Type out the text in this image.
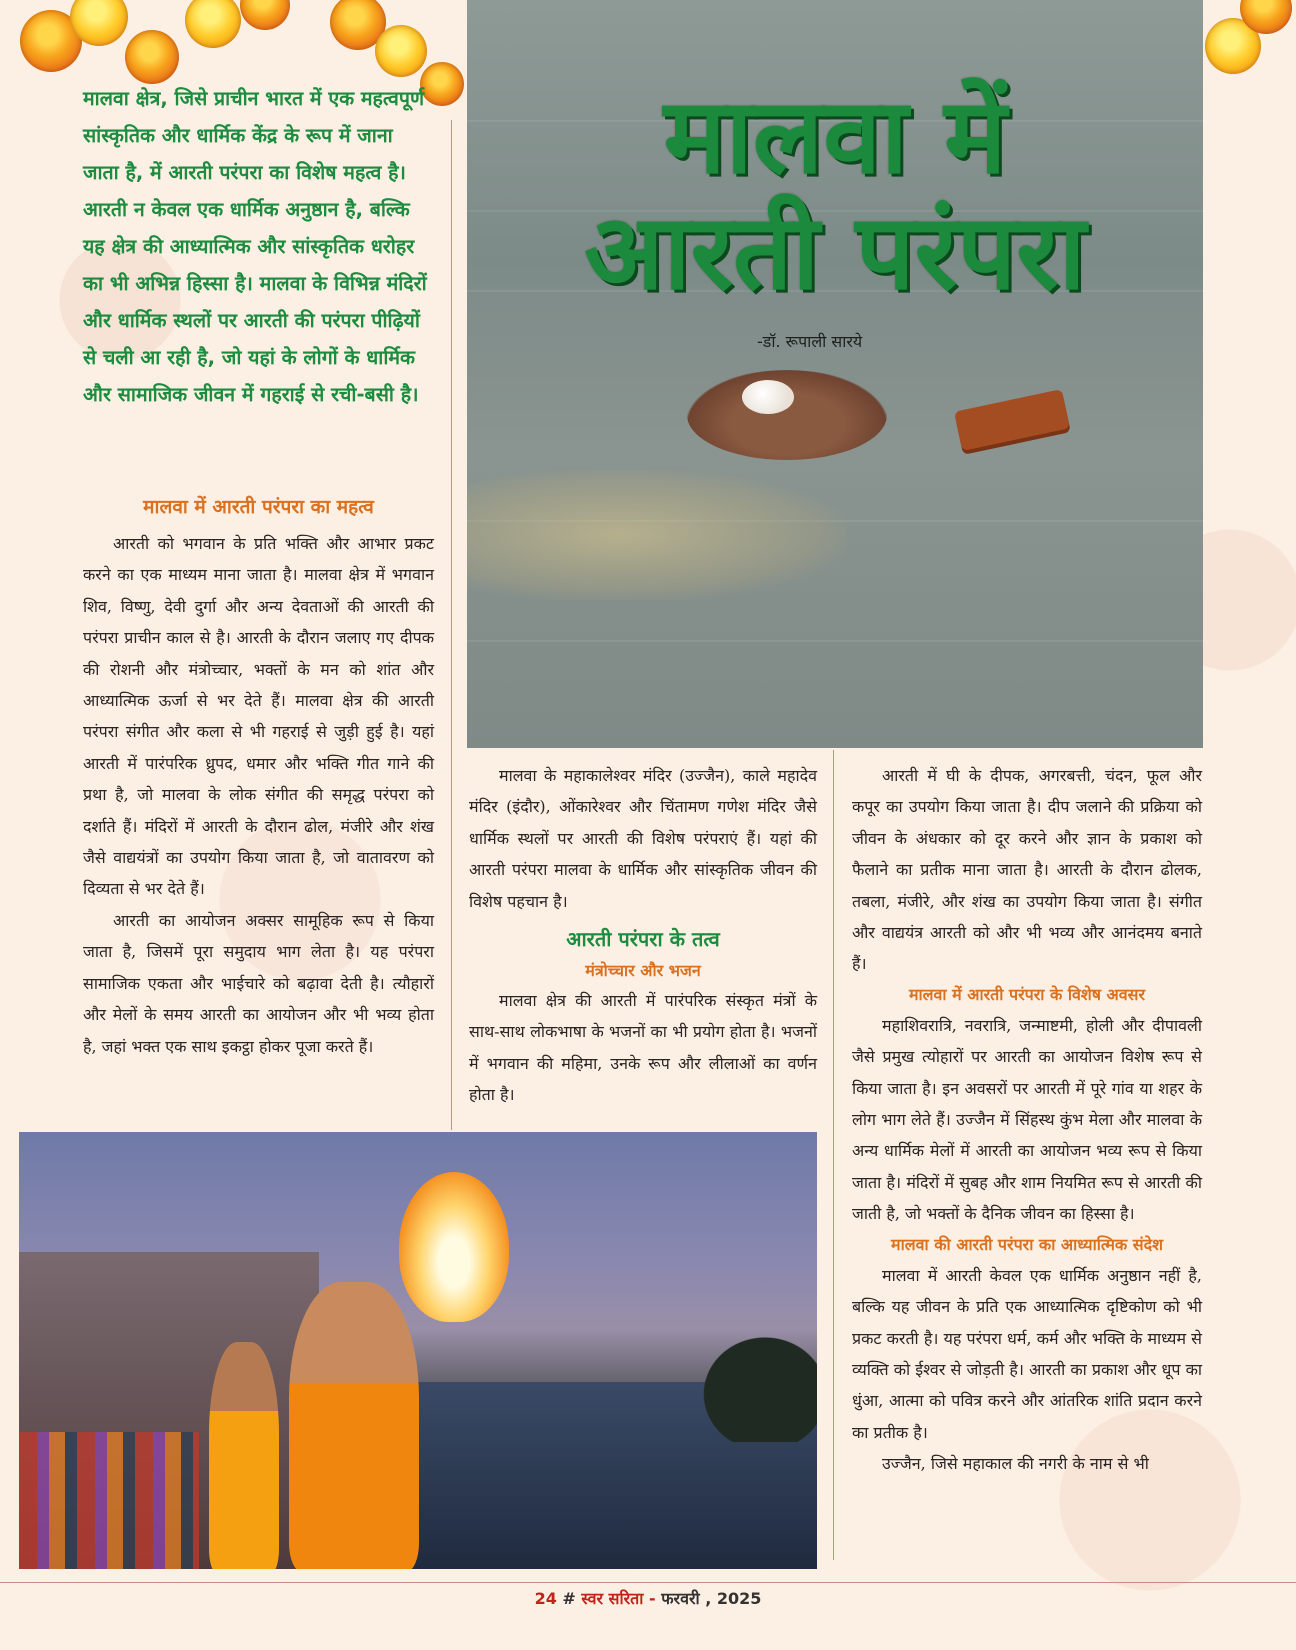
मालवा में
आरती परंपरा
-डॉ. रूपाली सारये
मालवा क्षेत्र, जिसे प्राचीन भारत में एक महत्वपूर्ण सांस्कृतिक और धार्मिक केंद्र के रूप में जाना जाता है, में आरती परंपरा का विशेष महत्व है। आरती न केवल एक धार्मिक अनुष्ठान है, बल्कि यह क्षेत्र की आध्यात्मिक और सांस्कृतिक धरोहर का भी अभिन्न हिस्सा है। मालवा के विभिन्न मंदिरों और धार्मिक स्थलों पर आरती की परंपरा पीढ़ियों से चली आ रही है, जो यहां के लोगों के धार्मिक और सामाजिक जीवन में गहराई से रची-बसी है।
मालवा में आरती परंपरा का महत्व

आरती को भगवान के प्रति भक्ति और आभार प्रकट करने का एक माध्यम माना जाता है। मालवा क्षेत्र में भगवान शिव, विष्णु, देवी दुर्गा और अन्य देवताओं की आरती की परंपरा प्राचीन काल से है। आरती के दौरान जलाए गए दीपक की रोशनी और मंत्रोच्चार, भक्तों के मन को शांत और आध्यात्मिक ऊर्जा से भर देते हैं। मालवा क्षेत्र की आरती परंपरा संगीत और कला से भी गहराई से जुड़ी हुई है। यहां आरती में पारंपरिक ध्रुपद, धमार और भक्ति गीत गाने की प्रथा है, जो मालवा के लोक संगीत की समृद्ध परंपरा को दर्शाते हैं। मंदिरों में आरती के दौरान ढोल, मंजीरे और शंख जैसे वाद्ययंत्रों का उपयोग किया जाता है, जो वातावरण को दिव्यता से भर देते हैं।

आरती का आयोजन अक्सर सामूहिक रूप से किया जाता है, जिसमें पूरा समुदाय भाग लेता है। यह परंपरा सामाजिक एकता और भाईचारे को बढ़ावा देती है। त्यौहारों और मेलों के समय आरती का आयोजन और भी भव्य होता है, जहां भक्त एक साथ इकट्ठा होकर पूजा करते हैं।

मालवा के महाकालेश्वर मंदिर (उज्जैन), काले महादेव मंदिर (इंदौर), ओंकारेश्वर और चिंतामण गणेश मंदिर जैसे धार्मिक स्थलों पर आरती की विशेष परंपराएं हैं। यहां की आरती परंपरा मालवा के धार्मिक और सांस्कृतिक जीवन की विशेष पहचान है।

आरती परंपरा के तत्व
मंत्रोच्चार और भजन

मालवा क्षेत्र की आरती में पारंपरिक संस्कृत मंत्रों के साथ-साथ लोकभाषा के भजनों का भी प्रयोग होता है। भजनों में भगवान की महिमा, उनके रूप और लीलाओं का वर्णन होता है।

आरती में घी के दीपक, अगरबत्ती, चंदन, फूल और कपूर का उपयोग किया जाता है। दीप जलाने की प्रक्रिया को जीवन के अंधकार को दूर करने और ज्ञान के प्रकाश को फैलाने का प्रतीक माना जाता है। आरती के दौरान ढोलक, तबला, मंजीरे, और शंख का उपयोग किया जाता है। संगीत और वाद्ययंत्र आरती को और भी भव्य और आनंदमय बनाते हैं।

मालवा में आरती परंपरा के विशेष अवसर

महाशिवरात्रि, नवरात्रि, जन्माष्टमी, होली और दीपावली जैसे प्रमुख त्योहारों पर आरती का आयोजन विशेष रूप से किया जाता है। इन अवसरों पर आरती में पूरे गांव या शहर के लोग भाग लेते हैं। उज्जैन में सिंहस्थ कुंभ मेला और मालवा के अन्य धार्मिक मेलों में आरती का आयोजन भव्य रूप से किया जाता है। मंदिरों में सुबह और शाम नियमित रूप से आरती की जाती है, जो भक्तों के दैनिक जीवन का हिस्सा है।

मालवा की आरती परंपरा का आध्यात्मिक संदेश

मालवा में आरती केवल एक धार्मिक अनुष्ठान नहीं है, बल्कि यह जीवन के प्रति एक आध्यात्मिक दृष्टिकोण को भी प्रकट करती है। यह परंपरा धर्म, कर्म और भक्ति के माध्यम से व्यक्ति को ईश्वर से जोड़ती है। आरती का प्रकाश और धूप का धुंआ, आत्मा को पवित्र करने और आंतरिक शांति प्रदान करने का प्रतीक है।

उज्जैन, जिसे महाकाल की नगरी के नाम से भी

24 # स्वर सरिता - फरवरी , 2025
